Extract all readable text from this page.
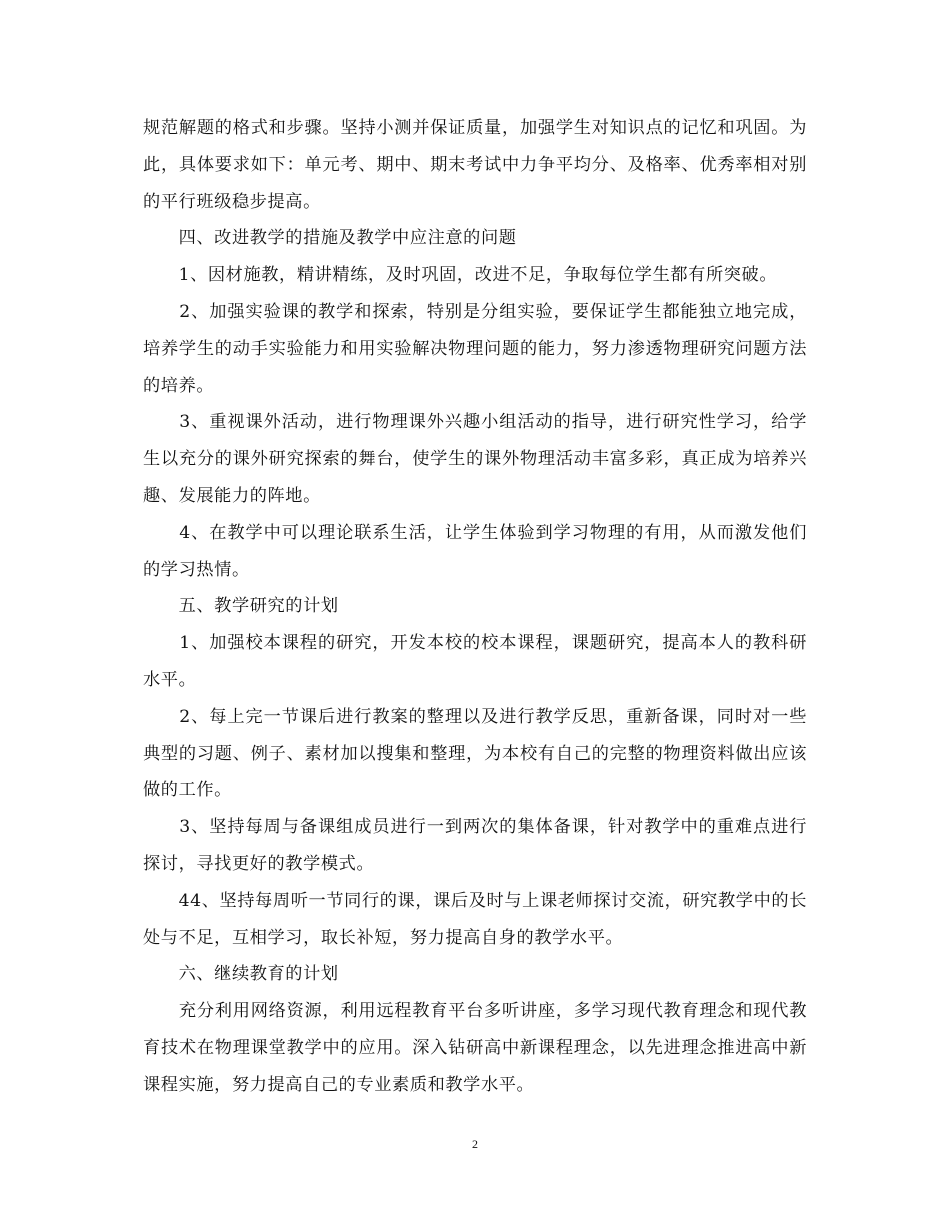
规范解题的格式和步骤。坚持小测并保证质量，加强学生对知识点的记忆和巩固。为此，具体要求如下：单元考、期中、期末考试中力争平均分、及格率、优秀率相对别的平行班级稳步提高。

　　四、改进教学的措施及教学中应注意的问题

　　1、因材施教，精讲精练，及时巩固，改进不足，争取每位学生都有所突破。

　　2、加强实验课的教学和探索，特别是分组实验，要保证学生都能独立地完成，培养学生的动手实验能力和用实验解决物理问题的能力，努力渗透物理研究问题方法的培养。

　　3、重视课外活动，进行物理课外兴趣小组活动的指导，进行研究性学习，给学生以充分的课外研究探索的舞台，使学生的课外物理活动丰富多彩，真正成为培养兴趣、发展能力的阵地。

　　4、在教学中可以理论联系生活，让学生体验到学习物理的有用，从而激发他们的学习热情。

　　五、教学研究的计划

　　1、加强校本课程的研究，开发本校的校本课程，课题研究，提高本人的教科研水平。

　　2、每上完一节课后进行教案的整理以及进行教学反思，重新备课，同时对一些典型的习题、例子、素材加以搜集和整理，为本校有自己的完整的物理资料做出应该做的工作。

　　3、坚持每周与备课组成员进行一到两次的集体备课，针对教学中的重难点进行探讨，寻找更好的教学模式。

　　44、坚持每周听一节同行的课，课后及时与上课老师探讨交流，研究教学中的长处与不足，互相学习，取长补短，努力提高自身的教学水平。

　　六、继续教育的计划

　　充分利用网络资源，利用远程教育平台多听讲座，多学习现代教育理念和现代教育技术在物理课堂教学中的应用。深入钻研高中新课程理念，以先进理念推进高中新课程实施，努力提高自己的专业素质和教学水平。

2
